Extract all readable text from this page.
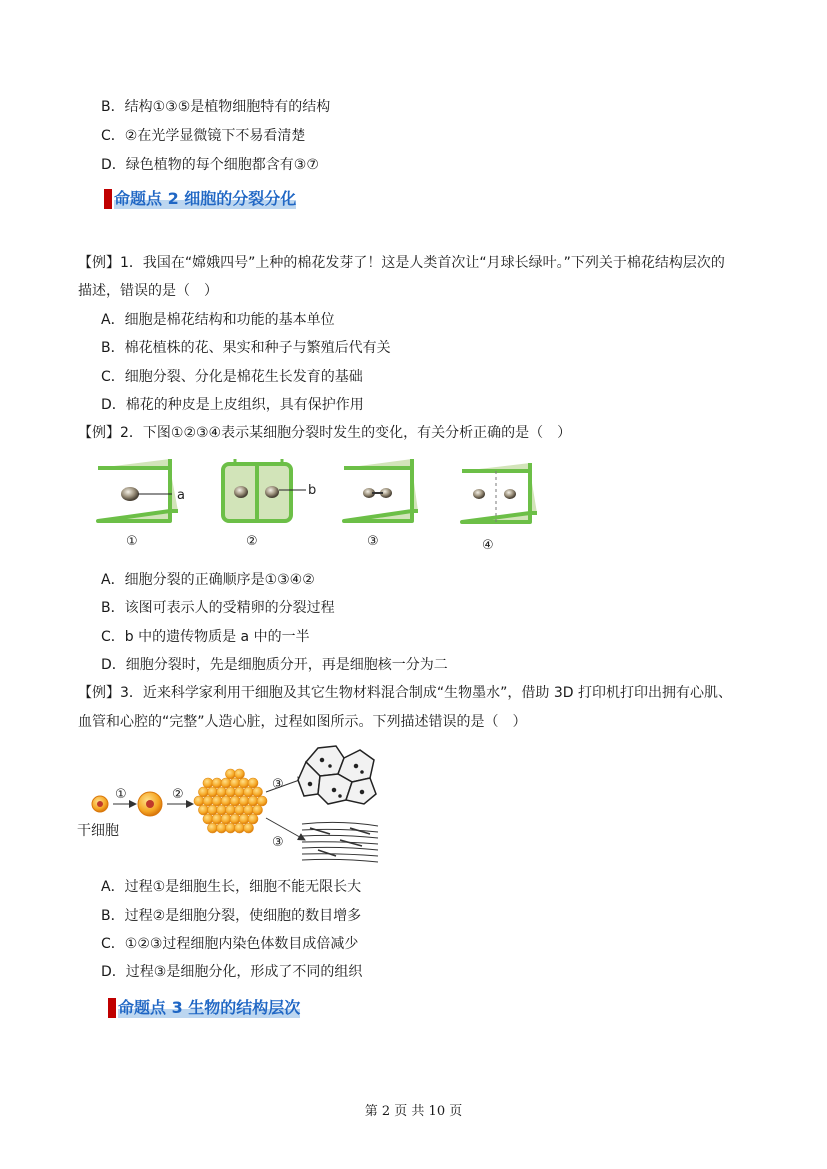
B．结构①③⑤是植物细胞特有的结构
C．②在光学显微镜下不易看清楚
D．绿色植物的每个细胞都含有③⑦
命题点 2 细胞的分裂分化
【例】1．我国在“嫦娥四号”上种的棉花发芽了！这是人类首次让“月球长绿叶。”下列关于棉花结构层次的
描述，错误的是（　）
A．细胞是棉花结构和功能的基本单位
B．棉花植株的花、果实和种子与繁殖后代有关
C．细胞分裂、分化是棉花生长发育的基础
D．棉花的种皮是上皮组织，具有保护作用
【例】2．下图①②③④表示某细胞分裂时发生的变化，有关分析正确的是（　）
a
①
b
②	③	④
A．细胞分裂的正确顺序是①③④②
B．该图可表示人的受精卵的分裂过程
C．b 中的遗传物质是 a 中的一半
D．细胞分裂时，先是细胞质分开，再是细胞核一分为二
【例】3．近来科学家利用干细胞及其它生物材料混合制成“生物墨水”，借助 3D 打印机打印出拥有心肌、
血管和心腔的“完整”人造心脏，过程如图所示。下列描述错误的是（　）
①	②
③
③
干细胞
A．过程①是细胞生长，细胞不能无限长大
B．过程②是细胞分裂，使细胞的数目增多
C．①②③过程细胞内染色体数目成倍减少
D．过程③是细胞分化，形成了不同的组织
命题点 3 生物的结构层次
第 2 页 共 10 页
